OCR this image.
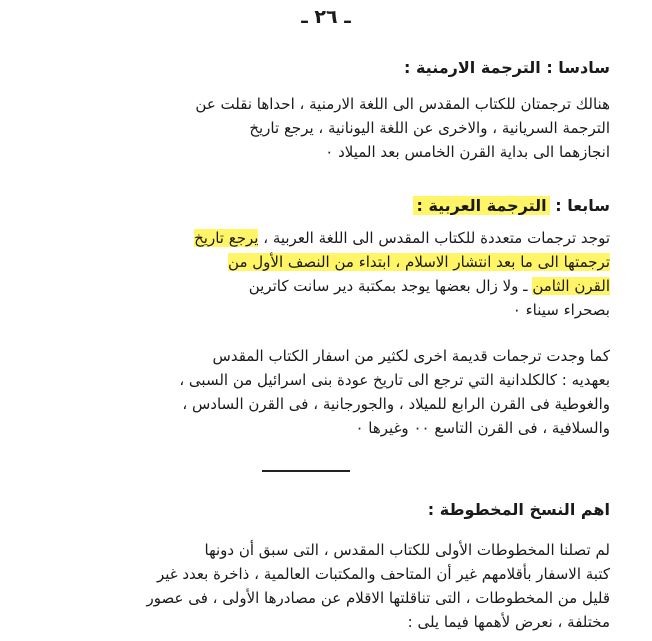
ـ ٢٦ ـ
سادسا : الترجمة الارمنية :
هنالك ترجمتان للكتاب المقدس الى اللغة الارمنية ، احداها نقلت عن
الترجمة السريانية ، والاخرى عن اللغة اليونانية ، يرجع تاريخ
انجازهما الى بداية القرن الخامس بعد الميلاد ٠
سابعا : الترجمة العربية :
توجد ترجمات متعددة للكتاب المقدس الى اللغة العربية ، يرجع تاريخ
ترجمتها الى ما بعد انتشار الاسلام ، ابتداء من النصف الأول من
القرن الثامن ـ ولا زال بعضها يوجد بمكتبة دير سانت كاترين
بصحراء سيناء ٠
كما وجدت ترجمات قديمة اخرى لكثير من اسفار الكتاب المقدس
بعهديه : كالكلدانية التي ترجع الى تاريخ عودة بنى اسرائيل من السبى ،
والغوطية فى القرن الرابع للميلاد ، والجورجانية ، فى القرن السادس ،
والسلافية ، فى القرن التاسع ٠٠ وغيرها ٠
اهم النسخ المخطوطة :
لم تصلنا المخطوطات الأولى للكتاب المقدس ، التى سبق أن دونها
كتبة الاسفار بأقلامهم غير أن المتاحف والمكتبات العالمية ، ذاخرة بعدد غير
قليل من المخطوطات ، التى تناقلتها الاقلام عن مصادرها الأولى ، فى عصور
مختلفة ، نعرض لأهمها فيما يلى :
